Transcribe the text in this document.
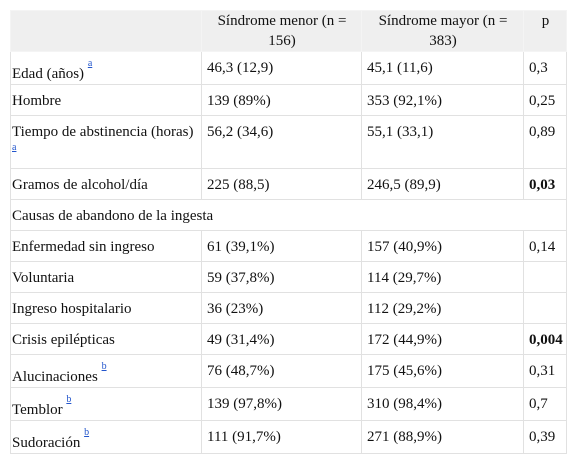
	Síndrome menor (n = 156)	Síndrome mayor (n = 383)	p
Edad (años) $^{^a}$	46,3 (12,9)	45,1 (11,6)	0,3
Hombre	139 (89%)	353 (92,1%)	0,25
Tiempo de abstinencia (horas) $^{^a}$	56,2 (34,6)	55,1 (33,1)	0,89
Gramos de alcohol/día	225 (88,5)	246,5 (89,9)	0,03
Causas de abandono de la ingesta			
Enfermedad sin ingreso	61 (39,1%)	157 (40,9%)	0,14
Voluntaria	59 (37,8%)	114 (29,7%)	
Ingreso hospitalario	36 (23%)	112 (29,2%)	
Crisis epilépticas	49 (31,4%)	172 (44,9%)	0,004
Alucinaciones $^{^b}$	76 (48,7%)	175 (45,6%)	0,31
Temblor $^{^b}$	139 (97,8%)	310 (98,4%)	0,7
Sudoración $^{^b}$	111 (91,7%)	271 (88,9%)	0,39
